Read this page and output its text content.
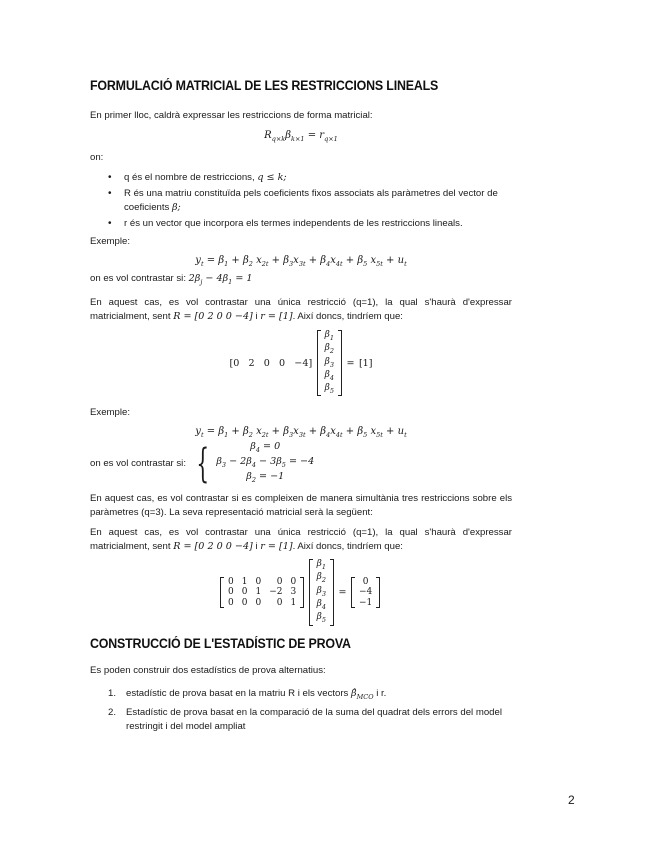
FORMULACIÓ MATRICIAL DE LES RESTRICCIONS LINEALS

En primer lloc, caldrà expressar les restriccions de forma matricial:

$R_{q\times k}\beta_{k\times 1} = r_{q\times 1}$

on:

• q és el nombre de restriccions, q ≤ k;
• R és una matriu constituïda pels coeficients fixos associats als paràmetres del vector de coeficients β;
• r és un vector que incorpora els termes independents de les restriccions lineals.

Exemple:

$y_t = \beta_1 + \beta_2$ $x_{2t} + \beta_3x_{3t} + \beta_4x_{4t} + \beta_5$ $x_{5t} + u_t$

on es vol contrastar si: $2\beta_j - 4\beta_1 = 1$

En aquest cas, es vol contrastar una única restricció (q=1), la qual s'haurà d'expressar matricialment, sent R = [0 2 0 0 −4] i r = [1]. Així doncs, tindríem que:

[0 2 0 0 −4]
$\beta_1$
$\beta_2$
$\beta_3$
$\beta_4$
$\beta_5$
= [1]

Exemple:

$y_t = \beta_1 + \beta_2$ $x_{2t} + \beta_3x_{3t} + \beta_4x_{4t} + \beta_5$ $x_{5t} + u_t$
on es vol contrastar si: {	$\beta_4 = 0$
$\beta_3 - 2\beta_4 - 3\beta_5 = -4$
$\beta_2 = -1$

En aquest cas, es vol contrastar si es compleixen de manera simultània tres restriccions sobre els paràmetres (q=3). La seva representació matricial serà la següent:

En aquest cas, es vol contrastar una única restricció (q=1), la qual s'haurà d'expressar matricialment, sent R = [0 2 0 0 −4] i r = [1]. Així doncs, tindríem que:

0	1	0	0	0
0	0	1	−2	3
0	0	0	0	1

$\beta_1$
$\beta_2$
$\beta_3$
$\beta_4$
$\beta_5$
=
0
−4
−1
CONSTRUCCIÓ DE L'ESTADÍSTIC DE PROVA

Es poden construir dos estadístics de prova alternatius:

1. estadístic de prova basat en la matriu R i els vectors $\betâ_{MCO}$ i r.
2. Estadístic de prova basat en la comparació de la suma del quadrat dels errors del model restringit i del model ampliat
2
